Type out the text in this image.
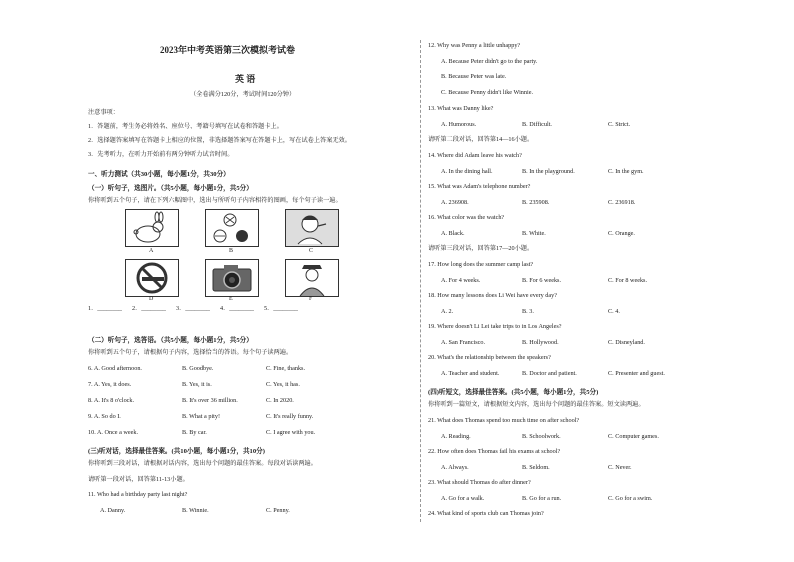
2023年中考英语第三次模拟考试卷
英 语
（全卷满分120分，考试时间120分钟）
注意事项：
1．答题前，考生务必将姓名、座位号、考籍号填写在试卷和答题卡上。
2．选择题答案填写在答题卡上相应的位置，非选择题答案写在答题卡上，写在试卷上答案无效。
3．先考听力，在听力开始前有两分钟听力试音时间。
一、听力测试（共30小题，每小题1分，共30分）
（一）听句子，选图片。（共5小题，每小题1分，共5分）
你将听到五个句子，请在下列六幅图中，选出与所听句子内容相符的图画，每个句子读一遍。
A	B	C
D	E	F
1．________ 2．________ 3．________ 4．________ 5．________
（二）听句子，选答语。（共5小题，每小题1分，共5分）
你将听到五个句子，请根据句子内容，选择恰当的答语。每个句子读两遍。
6. A. Good afternoon.	B. Goodbye.	C. Fine, thanks.
7. A. Yes, it does.	B. Yes, it is.	C. Yes, it has.
8. A. It's 8 o'clock.	B. It's over 36 million.	C. In 2020.
9. A. So do I.	B. What a pity!	C. It's really funny.
10. A. Once a week.	B. By car.	C. I agree with you.
(三)听对话，选择最佳答案。(共10小题，每小题1分，共10分)
你将听到三段对话，请根据对话内容，选出每个问题的最佳答案。每段对话读两遍。
请听第一段对话，回答第11-13小题。
11. Who had a birthday party last night?
A. Danny.	B. Winnie.	C. Penny.
12. Why was Penny a little unhappy?
A. Because Peter didn't go to the party.
B. Because Peter was late.
C. Because Penny didn't like Winnie.
13. What was Danny like?
A. Humorous.	B. Difficult.	C. Strict.
请听第二段对话，回答第14—16小题。
14. Where did Adam leave his watch?
A. In the dining hall.	B. In the playground.	C. In the gym.
15. What was Adam's telephone number?
A. 236908.	B. 235908.	C. 236918.
16. What color was the watch?
A. Black.	B. White.	C. Orange.
请听第三段对话，回答第17—20小题。
17. How long does the summer camp last?
A. For 4 weeks.	B. For 6 weeks.	C. For 8 weeks.
18. How many lessons does Li Wei have every day?
A. 2.	B. 3.	C. 4.
19. Where doesn't Li Lei take trips to in Los Angeles?
A. San Francisco.	B. Hollywood.	C. Disneyland.
20. What's the relationship between the speakers?
A. Teacher and student.	B. Doctor and patient.	C. Presenter and guest.
(四)听短文，选择最佳答案。(共5小题，每小题1分，共5分)
你将听到一篇短文，请根据短文内容，选出每个问题的最佳答案。短文读两遍。
21. What does Thomas spend too much time on after school?
A. Reading.	B. Schoolwork.	C. Computer games.
22. How often does Thomas fail his exams at school?
A. Always.	B. Seldom.	C. Never.
23. What should Thomas do after dinner?
A. Go for a walk.	B. Go for a run.	C. Go for a swim.
24. What kind of sports club can Thomas join?
